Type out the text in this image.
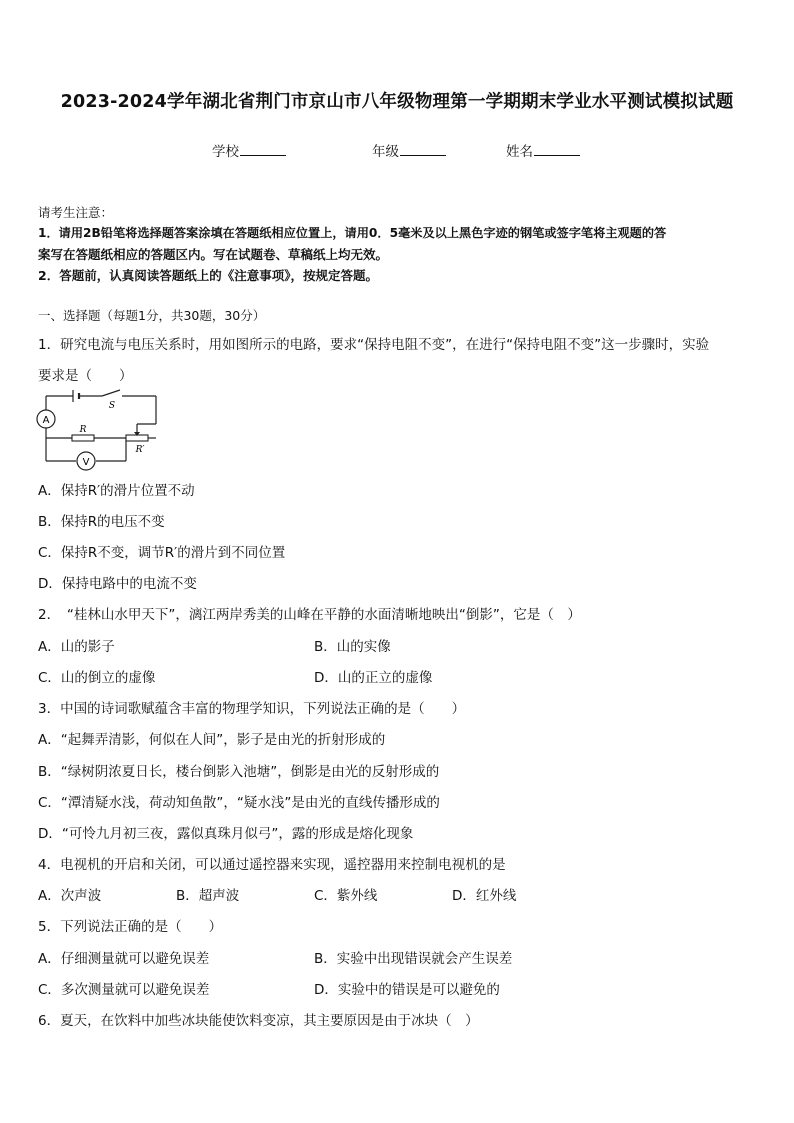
2023-2024学年湖北省荆门市京山市八年级物理第一学期期末学业水平测试模拟试题
学校	年级	姓名
请考生注意：
1．请用2B铅笔将选择题答案涂填在答题纸相应位置上，请用0．5毫米及以上黑色字迹的钢笔或签字笔将主观题的答
案写在答题纸相应的答题区内。写在试题卷、草稿纸上均无效。
2．答题前，认真阅读答题纸上的《注意事项》，按规定答题。
一、选择题（每题1分，共30题，30分）
1．研究电流与电压关系时，用如图所示的电路，要求“保持电阻不变”，在进行“保持电阻不变”这一步骤时，实验
要求是（　　）
A
R
R′
V
S
A．保持R′的滑片位置不动
B．保持R的电压不变
C．保持R不变，调节R′的滑片到不同位置
D．保持电路中的电流不变
2．　“桂林山水甲天下”，漓江两岸秀美的山峰在平静的水面清晰地映出“倒影”，它是（　）
A．山的影子	B．山的实像
C．山的倒立的虚像	D．山的正立的虚像
3．中国的诗词歌赋蕴含丰富的物理学知识，下列说法正确的是（　　）
A．“起舞弄清影，何似在人间”，影子是由光的折射形成的
B．“绿树阴浓夏日长，楼台倒影入池塘”，倒影是由光的反射形成的
C．“潭清疑水浅，荷动知鱼散”，“疑水浅”是由光的直线传播形成的
D．“可怜九月初三夜，露似真珠月似弓”，露的形成是熔化现象
4．电视机的开启和关闭，可以通过遥控器来实现，遥控器用来控制电视机的是
A．次声波	B．超声波	C．紫外线	D．红外线
5．下列说法正确的是（　　）
A．仔细测量就可以避免误差	B．实验中出现错误就会产生误差
C．多次测量就可以避免误差	D．实验中的错误是可以避免的
6．夏天，在饮料中加些冰块能使饮料变凉，其主要原因是由于冰块（　）
